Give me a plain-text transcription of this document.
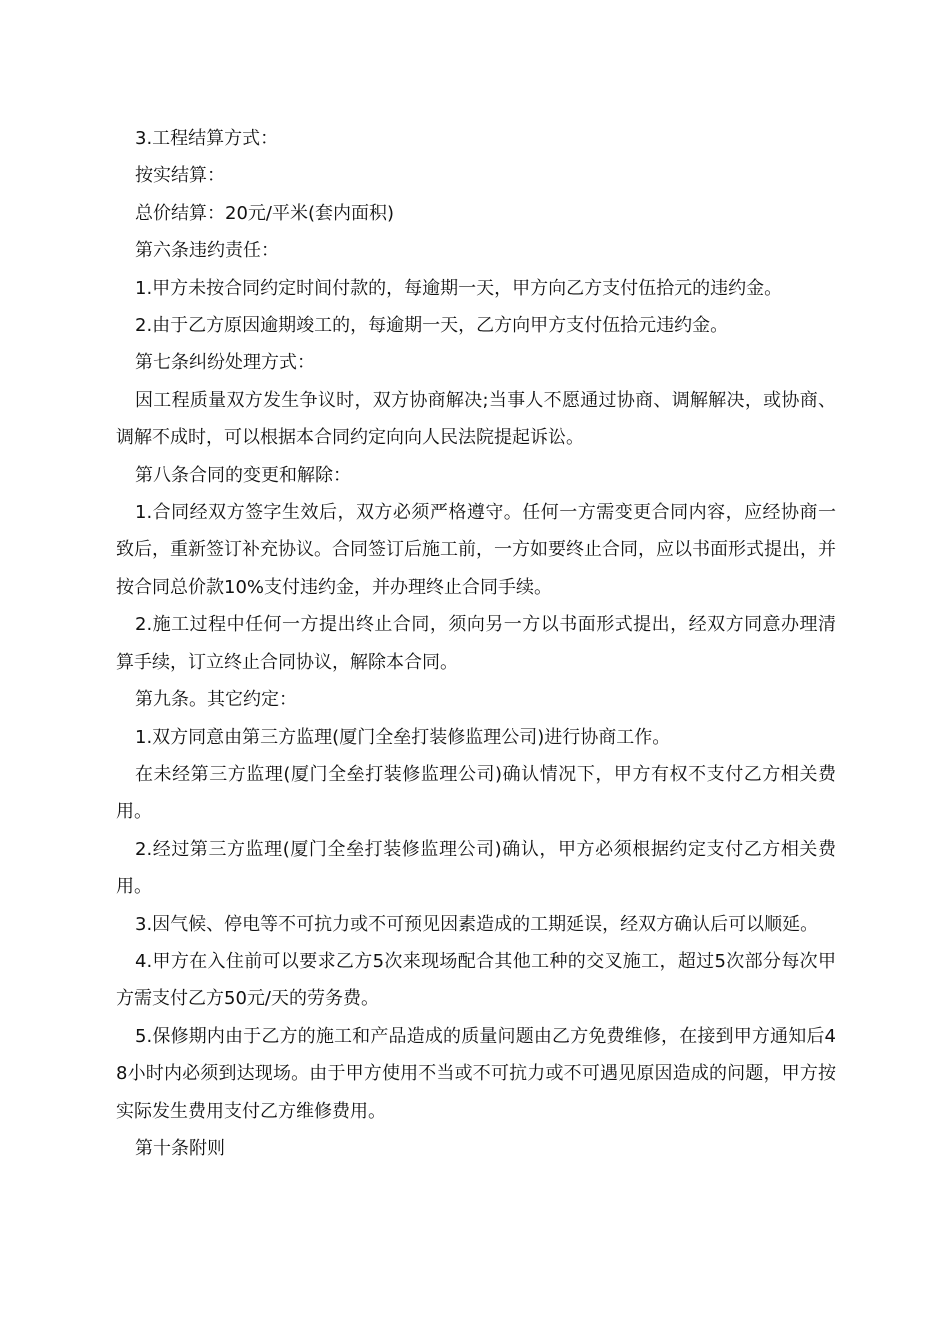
3.工程结算方式：

按实结算：

总价结算：20元/平米(套内面积)

第六条违约责任：

1.甲方未按合同约定时间付款的，每逾期一天，甲方向乙方支付伍拾元的违约金。

2.由于乙方原因逾期竣工的，每逾期一天，乙方向甲方支付伍拾元违约金。

第七条纠纷处理方式：

因工程质量双方发生争议时，双方协商解决;当事人不愿通过协商、调解解决，或协商、调解不成时，可以根据本合同约定向向人民法院提起诉讼。

第八条合同的变更和解除：

1.合同经双方签字生效后，双方必须严格遵守。任何一方需变更合同内容，应经协商一致后，重新签订补充协议。合同签订后施工前，一方如要终止合同，应以书面形式提出，并按合同总价款10%支付违约金，并办理终止合同手续。

2.施工过程中任何一方提出终止合同，须向另一方以书面形式提出，经双方同意办理清算手续，订立终止合同协议，解除本合同。

第九条。其它约定：

1.双方同意由第三方监理(厦门全垒打装修监理公司)进行协商工作。

在未经第三方监理(厦门全垒打装修监理公司)确认情况下，甲方有权不支付乙方相关费用。

2.经过第三方监理(厦门全垒打装修监理公司)确认，甲方必须根据约定支付乙方相关费用。

3.因气候、停电等不可抗力或不可预见因素造成的工期延误，经双方确认后可以顺延。

4.甲方在入住前可以要求乙方5次来现场配合其他工种的交叉施工，超过5次部分每次甲方需支付乙方50元/天的劳务费。

5.保修期内由于乙方的施工和产品造成的质量问题由乙方免费维修，在接到甲方通知后48小时内必须到达现场。由于甲方使用不当或不可抗力或不可遇见原因造成的问题，甲方按实际发生费用支付乙方维修费用。

第十条附则
